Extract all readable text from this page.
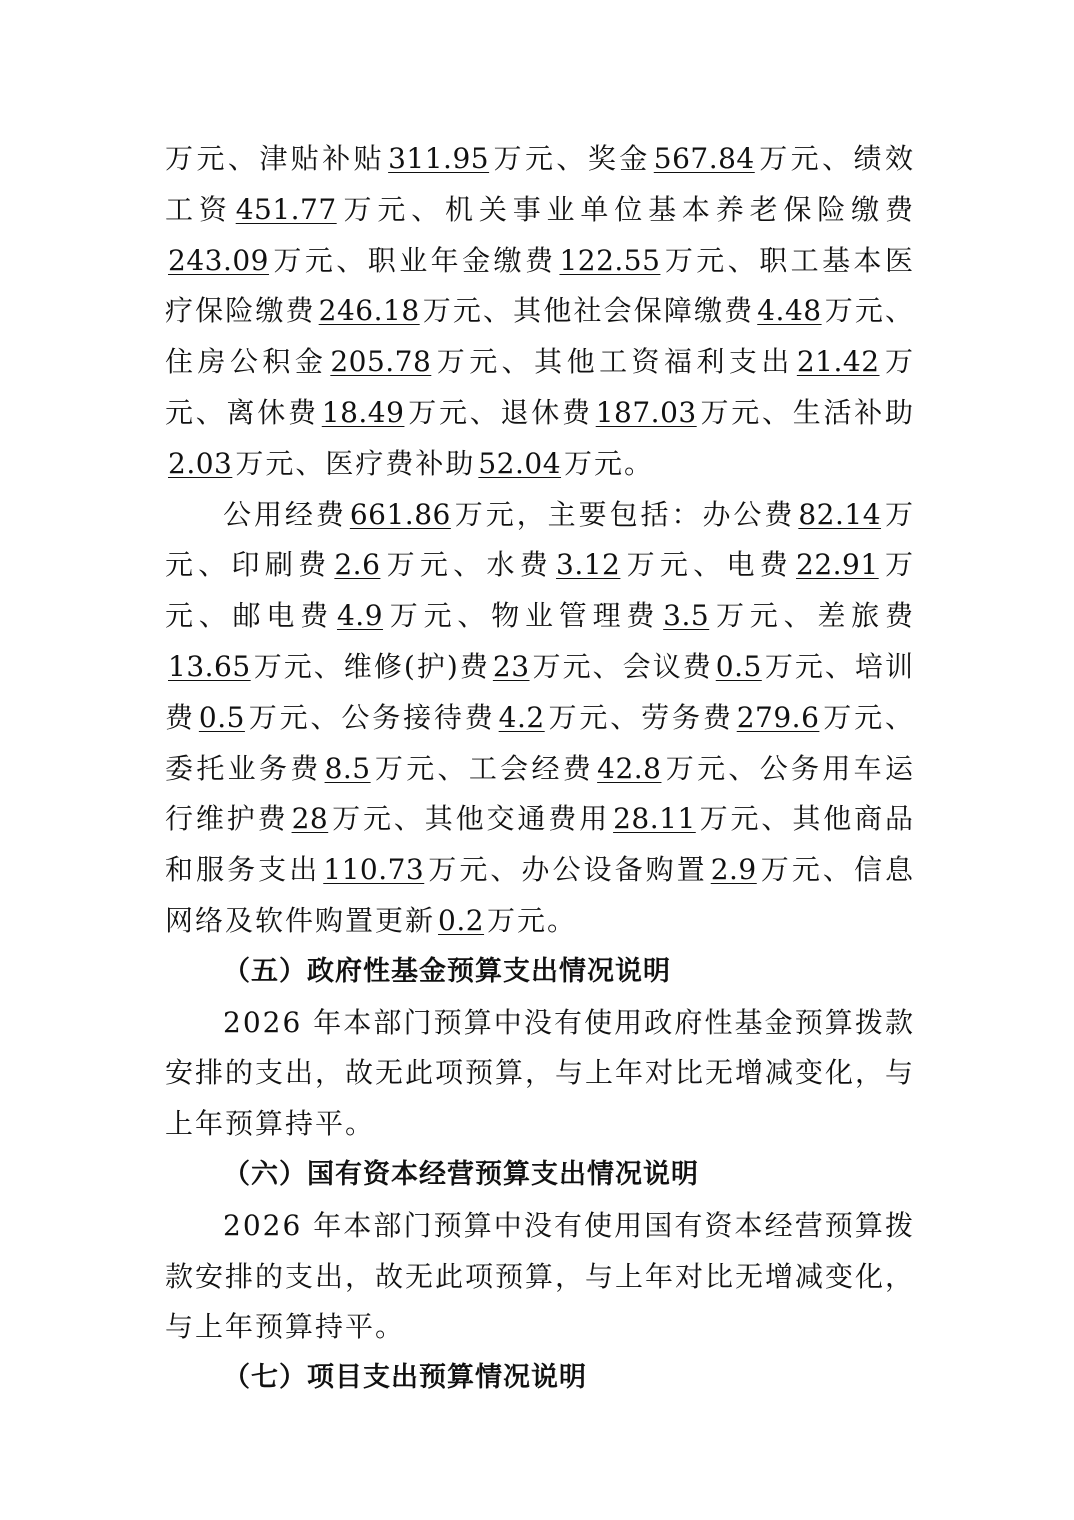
万元、津贴补贴 311.95 万元、奖金 567.84 万元、绩效工资 451.77 万元、机关事业单位基本养老保险缴费243.09 万元、职业年金缴费 122.55 万元、职工基本医疗保险缴费 246.18 万元、其他社会保障缴费 4.48 万元、住房公积金 205.78 万元、其他工资福利支出 21.42 万元、离休费 18.49 万元、退休费 187.03 万元、生活补助2.03 万元、医疗费补助 52.04 万元。

公用经费 661.86 万元，主要包括：办公费 82.14 万元、印刷费 2.6 万元、水费 3.12 万元、电费 22.91 万元、邮电费 4.9 万元、物业管理费 3.5 万元、差旅费13.65 万元、维修(护)费 23 万元、会议费 0.5 万元、培训费 0.5 万元、公务接待费 4.2 万元、劳务费 279.6 万元、委托业务费 8.5 万元、工会经费 42.8 万元、公务用车运行维护费 28 万元、其他交通费用 28.11 万元、其他商品和服务支出 110.73 万元、办公设备购置 2.9 万元、信息网络及软件购置更新 0.2 万元。

（五）政府性基金预算支出情况说明

2026 年本部门预算中没有使用政府性基金预算拨款安排的支出，故无此项预算，与上年对比无增减变化，与上年预算持平。

（六）国有资本经营预算支出情况说明

2026 年本部门预算中没有使用国有资本经营预算拨款安排的支出，故无此项预算，与上年对比无增减变化，与上年预算持平。

（七）项目支出预算情况说明
